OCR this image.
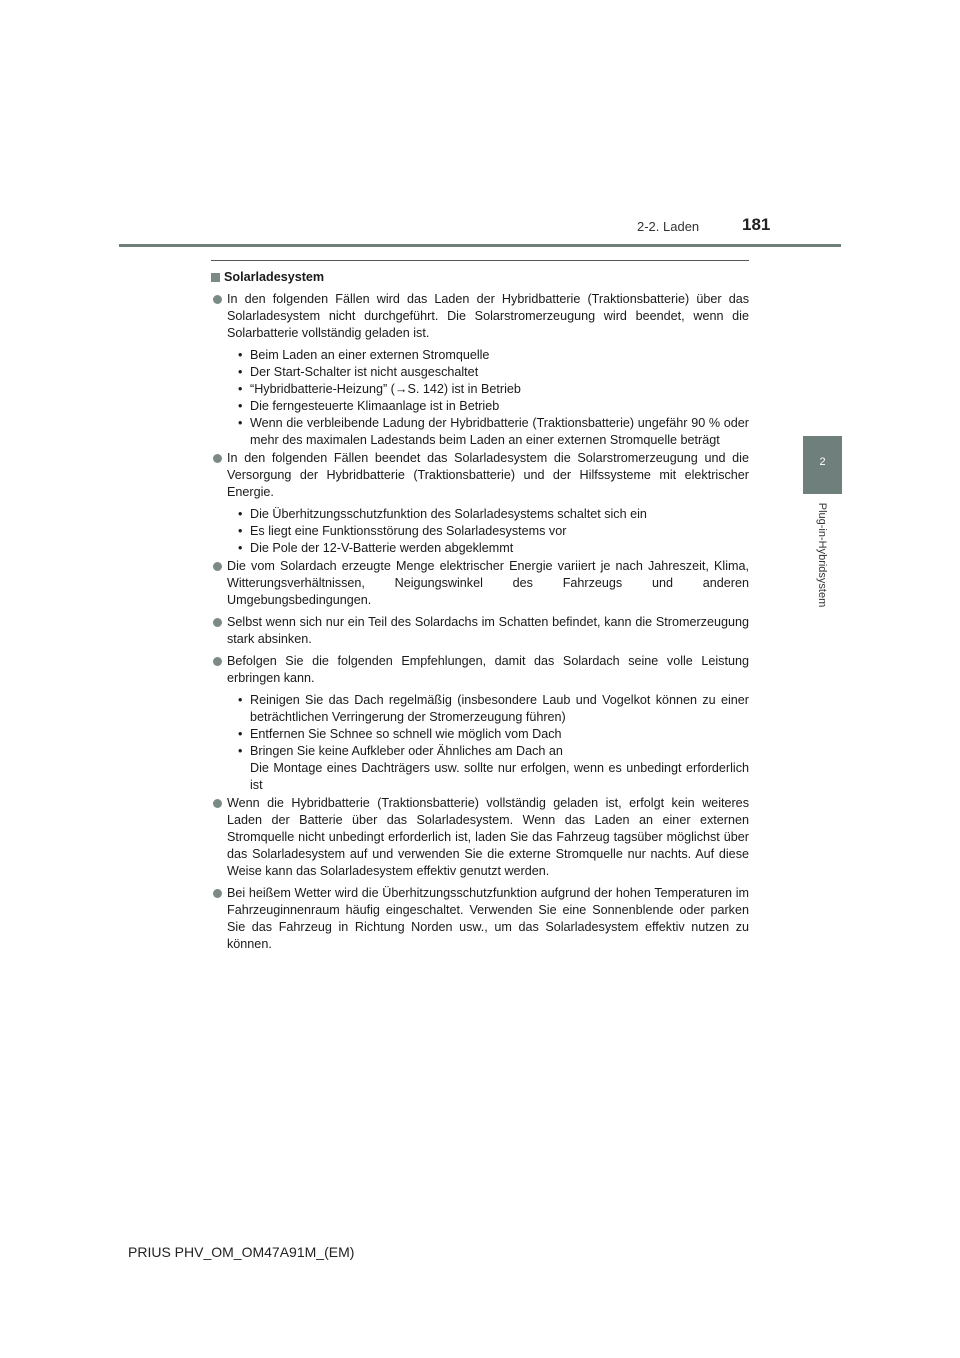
2-2. Laden	181
2
Plug-in-Hybridsystem
Solarladesystem
In den folgenden Fällen wird das Laden der Hybridbatterie (Traktionsbatterie) über das Solarladesystem nicht durchgeführt. Die Solarstromerzeugung wird beendet, wenn die Solarbatterie vollständig geladen ist.
• Beim Laden an einer externen Stromquelle
• Der Start-Schalter ist nicht ausgeschaltet
• “Hybridbatterie-Heizung” (→S. 142) ist in Betrieb
• Die ferngesteuerte Klimaanlage ist in Betrieb
• Wenn die verbleibende Ladung der Hybridbatterie (Traktionsbatterie) ungefähr 90 % oder mehr des maximalen Ladestands beim Laden an einer externen Stromquelle beträgt
In den folgenden Fällen beendet das Solarladesystem die Solarstromerzeugung und die Versorgung der Hybridbatterie (Traktionsbatterie) und der Hilfssysteme mit elektrischer Energie.
• Die Überhitzungsschutzfunktion des Solarladesystems schaltet sich ein
• Es liegt eine Funktionsstörung des Solarladesystems vor
• Die Pole der 12-V-Batterie werden abgeklemmt
Die vom Solardach erzeugte Menge elektrischer Energie variiert je nach Jahreszeit, Klima, Witterungsverhältnissen, Neigungswinkel des Fahrzeugs und anderen Umgebungsbedingungen.
Selbst wenn sich nur ein Teil des Solardachs im Schatten befindet, kann die Stromerzeugung stark absinken.
Befolgen Sie die folgenden Empfehlungen, damit das Solardach seine volle Leistung erbringen kann.
• Reinigen Sie das Dach regelmäßig (insbesondere Laub und Vogelkot können zu einer beträchtlichen Verringerung der Stromerzeugung führen)
• Entfernen Sie Schnee so schnell wie möglich vom Dach
• Bringen Sie keine Aufkleber oder Ähnliches am Dach an
Die Montage eines Dachträgers usw. sollte nur erfolgen, wenn es unbedingt erforderlich ist
Wenn die Hybridbatterie (Traktionsbatterie) vollständig geladen ist, erfolgt kein weiteres Laden der Batterie über das Solarladesystem. Wenn das Laden an einer externen Stromquelle nicht unbedingt erforderlich ist, laden Sie das Fahrzeug tagsüber möglichst über das Solarladesystem auf und verwenden Sie die externe Stromquelle nur nachts. Auf diese Weise kann das Solarladesystem effektiv genutzt werden.
Bei heißem Wetter wird die Überhitzungsschutzfunktion aufgrund der hohen Temperaturen im Fahrzeuginnenraum häufig eingeschaltet. Verwenden Sie eine Sonnenblende oder parken Sie das Fahrzeug in Richtung Norden usw., um das Solarladesystem effektiv nutzen zu können.
PRIUS PHV_OM_OM47A91M_(EM)
